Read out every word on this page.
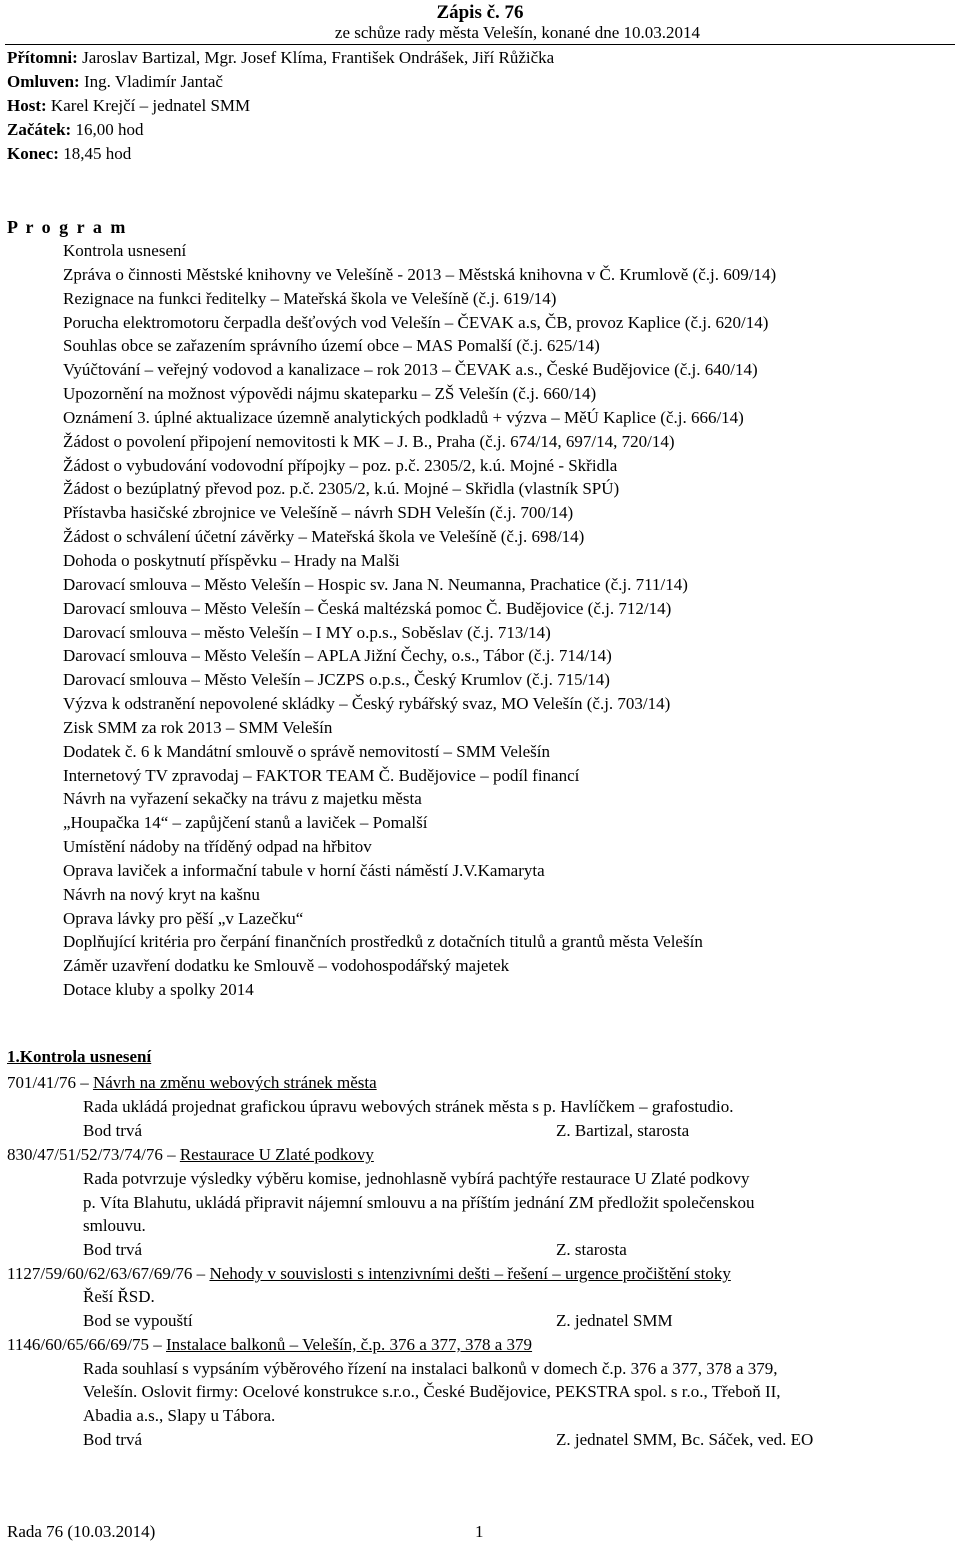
Zápis č. 76
ze schůze rady města Velešín, konané dne 10.03.2014
Přítomni: Jaroslav Bartizal, Mgr. Josef Klíma, František Ondrášek, Jiří Růžička
Omluven: Ing. Vladimír Jantač
Host: Karel Krejčí – jednatel SMM
Začátek: 16,00 hod
Konec: 18,45 hod
P r o g r a m
Kontrola usnesení
Zpráva o činnosti Městské knihovny ve Velešíně - 2013 – Městská knihovna v Č. Krumlově (č.j. 609/14)
Rezignace na funkci ředitelky – Mateřská škola ve Velešíně (č.j. 619/14)
Porucha elektromotoru čerpadla dešťových vod Velešín – ČEVAK a.s, ČB, provoz Kaplice (č.j. 620/14)
Souhlas obce se zařazením správního území obce – MAS Pomalší (č.j. 625/14)
Vyúčtování – veřejný vodovod a kanalizace – rok 2013 – ČEVAK a.s., České Budějovice (č.j. 640/14)
Upozornění na možnost výpovědi nájmu skateparku – ZŠ Velešín (č.j. 660/14)
Oznámení 3. úplné aktualizace územně analytických podkladů + výzva – MěÚ Kaplice (č.j. 666/14)
Žádost o povolení připojení nemovitosti k MK – J. B., Praha (č.j. 674/14, 697/14, 720/14)
Žádost o vybudování vodovodní přípojky – poz. p.č. 2305/2, k.ú. Mojné - Skřidla
Žádost o bezúplatný převod poz. p.č. 2305/2, k.ú. Mojné – Skřidla (vlastník SPÚ)
Přístavba hasičské zbrojnice ve Velešíně – návrh SDH Velešín (č.j. 700/14)
Žádost o schválení účetní závěrky – Mateřská škola ve Velešíně (č.j. 698/14)
Dohoda o poskytnutí příspěvku – Hrady na Malši
Darovací smlouva – Město Velešín – Hospic sv. Jana N. Neumanna, Prachatice (č.j. 711/14)
Darovací smlouva – Město Velešín – Česká maltézská pomoc Č. Budějovice (č.j. 712/14)
Darovací smlouva – město Velešín – I MY o.p.s., Soběslav (č.j. 713/14)
Darovací smlouva – Město Velešín – APLA Jižní Čechy, o.s., Tábor (č.j. 714/14)
Darovací smlouva – Město Velešín – JCZPS o.p.s., Český Krumlov (č.j. 715/14)
Výzva k odstranění nepovolené skládky – Český rybářský svaz, MO Velešín (č.j. 703/14)
Zisk SMM za rok 2013 – SMM Velešín
Dodatek č. 6 k Mandátní smlouvě o správě nemovitostí – SMM Velešín
Internetový TV zpravodaj – FAKTOR TEAM Č. Budějovice – podíl financí
Návrh na vyřazení sekačky na trávu z majetku města
„Houpačka 14“ – zapůjčení stanů a laviček – Pomalší
Umístění nádoby na tříděný odpad na hřbitov
Oprava laviček a informační tabule v horní části náměstí J.V.Kamaryta
Návrh na nový kryt na kašnu
Oprava lávky pro pěší „v Lazečku“
Doplňující kritéria pro čerpání finančních prostředků z dotačních titulů a grantů města Velešín
Záměr uzavření dodatku ke Smlouvě – vodohospodářský majetek
Dotace kluby a spolky 2014
1.Kontrola usnesení
701/41/76 – Návrh na změnu webových stránek města
Rada ukládá projednat grafickou úpravu webových stránek města s p. Havlíčkem – grafostudio.
Bod trvá	Z. Bartizal, starosta
830/47/51/52/73/74/76 – Restaurace U Zlaté podkovy
Rada potvrzuje výsledky výběru komise, jednohlasně vybírá pachtýře restaurace U Zlaté podkovy
p. Víta Blahutu, ukládá připravit nájemní smlouvu a na příštím jednání ZM předložit společenskou
smlouvu.
Bod trvá	Z. starosta
1127/59/60/62/63/67/69/76 – Nehody v souvislosti s intenzivními dešti – řešení – urgence pročištění stoky
Řeší ŘSD.
Bod se vypouští	Z. jednatel SMM
1146/60/65/66/69/75 – Instalace balkonů – Velešín, č.p. 376 a 377, 378 a 379
Rada souhlasí s vypsáním výběrového řízení na instalaci balkonů v domech č.p. 376 a 377, 378 a 379,
Velešín. Oslovit firmy: Ocelové konstrukce s.r.o., České Budějovice, PEKSTRA spol. s r.o., Třeboň II,
Abadia a.s., Slapy u Tábora.
Bod trvá	Z. jednatel SMM, Bc. Sáček, ved. EO
Rada 76 (10.03.2014)	1
